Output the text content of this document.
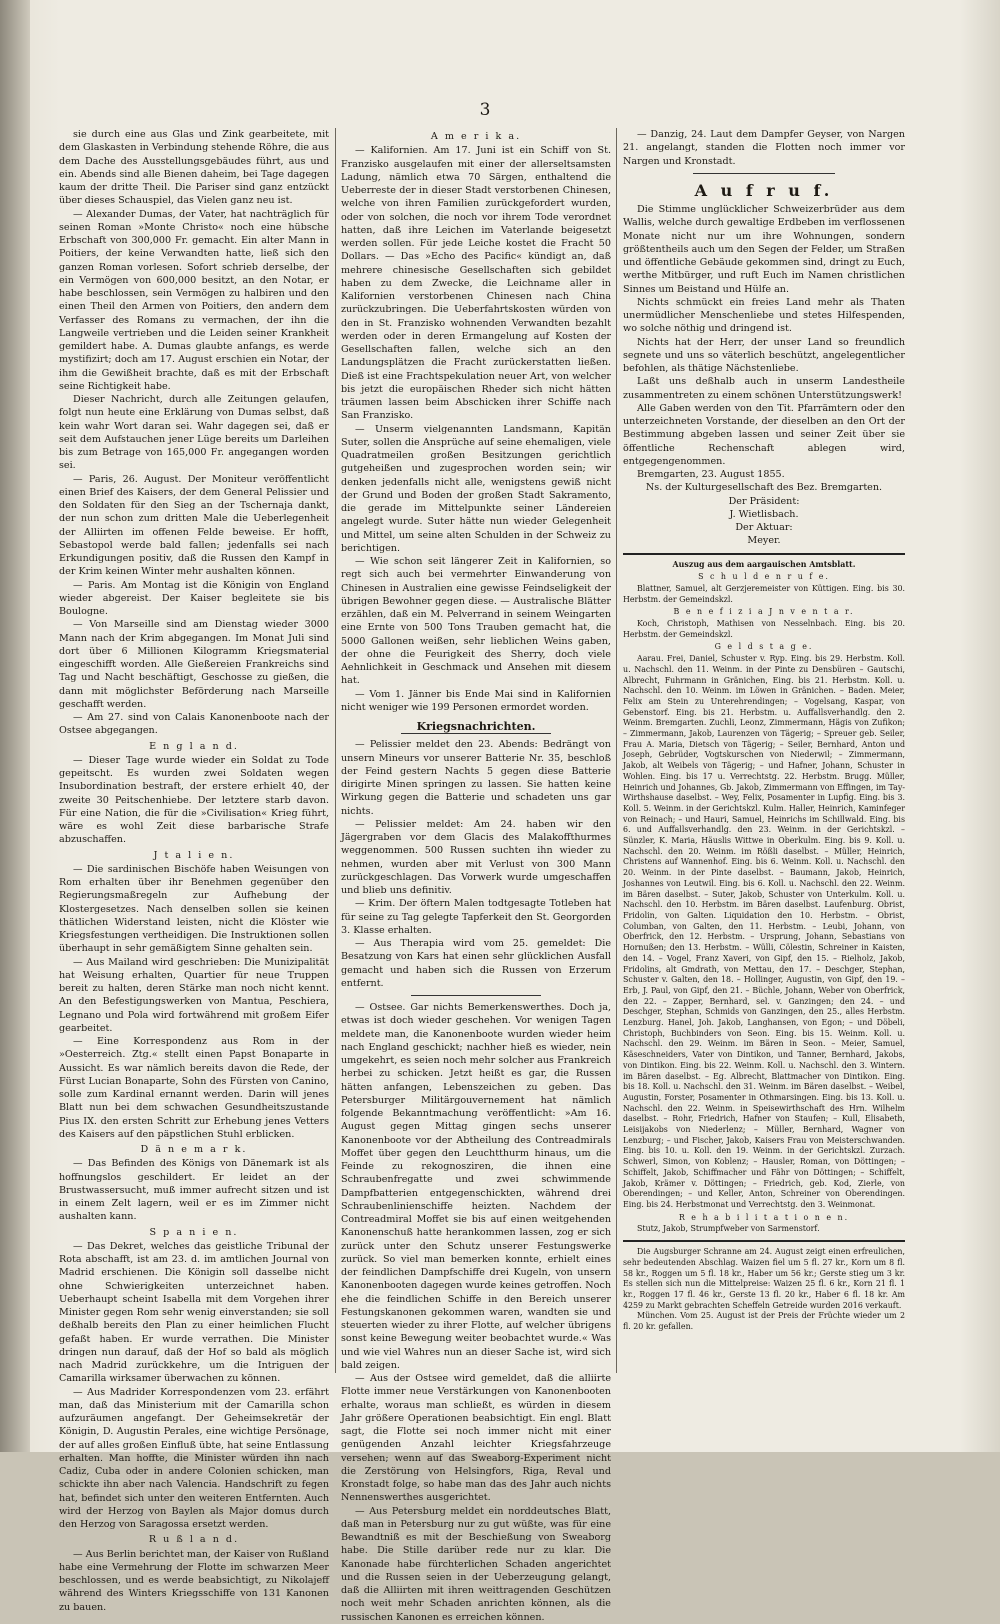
3

sie durch eine aus Glas und Zink gearbeitete, mit dem Glaskasten in Verbindung stehende Röhre, die aus dem Dache des Ausstellungsgebäudes führt, aus und ein. Abends sind alle Bienen daheim, bei Tage dagegen kaum der dritte Theil. Die Pariser sind ganz entzückt über dieses Schauspiel, das Vielen ganz neu ist.

— Alexander Dumas, der Vater, hat nachträglich für seinen Roman »Monte Christo« noch eine hübsche Erbschaft von 300,000 Fr. gemacht. Ein alter Mann in Poitiers, der keine Verwandten hatte, ließ sich den ganzen Roman vorlesen. Sofort schrieb derselbe, der ein Vermögen von 600,000 besitzt, an den Notar, er habe beschlossen, sein Vermögen zu halbiren und den einen Theil den Armen von Poitiers, den andern dem Verfasser des Romans zu vermachen, der ihn die Langweile vertrieben und die Leiden seiner Krankheit gemildert habe. A. Dumas glaubte anfangs, es werde mystifizirt; doch am 17. August erschien ein Notar, der ihm die Gewißheit brachte, daß es mit der Erbschaft seine Richtigkeit habe.

Dieser Nachricht, durch alle Zeitungen gelaufen, folgt nun heute eine Erklärung von Dumas selbst, daß kein wahr Wort daran sei. Wahr dagegen sei, daß er seit dem Aufstauchen jener Lüge bereits um Darleihen bis zum Betrage von 165,000 Fr. angegangen worden sei.

— Paris, 26. August. Der Moniteur veröffentlicht einen Brief des Kaisers, der dem General Pelissier und den Soldaten für den Sieg an der Tschernaja dankt, der nun schon zum dritten Male die Ueberlegenheit der Alliirten im offenen Felde beweise. Er hofft, Sebastopol werde bald fallen; jedenfalls sei nach Erkundigungen positiv, daß die Russen den Kampf in der Krim keinen Winter mehr aushalten können.

— Paris. Am Montag ist die Königin von England wieder abgereist. Der Kaiser begleitete sie bis Boulogne.

— Von Marseille sind am Dienstag wieder 3000 Mann nach der Krim abgegangen. Im Monat Juli sind dort über 6 Millionen Kilogramm Kriegsmaterial eingeschifft worden. Alle Gießereien Frankreichs sind Tag und Nacht beschäftigt, Geschosse zu gießen, die dann mit möglichster Beförderung nach Marseille geschafft werden.

— Am 27. sind von Calais Kanonenboote nach der Ostsee abgegangen.

E n g l a n d.

— Dieser Tage wurde wieder ein Soldat zu Tode gepeitscht. Es wurden zwei Soldaten wegen Insubordination bestraft, der erstere erhielt 40, der zweite 30 Peitschenhiebe. Der letztere starb davon. Für eine Nation, die für die »Civilisation« Krieg führt, wäre es wohl Zeit diese barbarische Strafe abzuschaffen.

J t a l i e n.

— Die sardinischen Bischöfe haben Weisungen von Rom erhalten über ihr Benehmen gegenüber den Regierungsmaßregeln zur Aufhebung der Klostergesetzes. Nach denselben sollen sie keinen thätlichen Widerstand leisten, nicht die Klöster wie Kriegsfestungen vertheidigen. Die Instruktionen sollen überhaupt in sehr gemäßigtem Sinne gehalten sein.

— Aus Mailand wird geschrieben: Die Munizipalität hat Weisung erhalten, Quartier für neue Truppen bereit zu halten, deren Stärke man noch nicht kennt. An den Befestigungswerken von Mantua, Peschiera, Legnano und Pola wird fortwährend mit großem Eifer gearbeitet.

— Eine Korrespondenz aus Rom in der »Oesterreich. Ztg.« stellt einen Papst Bonaparte in Aussicht. Es war nämlich bereits davon die Rede, der Fürst Lucian Bonaparte, Sohn des Fürsten von Canino, solle zum Kardinal ernannt werden. Darin will jenes Blatt nun bei dem schwachen Gesundheitszustande Pius IX. den ersten Schritt zur Erhebung jenes Vetters des Kaisers auf den päpstlichen Stuhl erblicken.

D ä n e m a r k.

— Das Befinden des Königs von Dänemark ist als hoffnungslos geschildert. Er leidet an der Brustwassersucht, muß immer aufrecht sitzen und ist in einem Zelt lagern, weil er es im Zimmer nicht aushalten kann.

S p a n i e n.

— Das Dekret, welches das geistliche Tribunal der Rota abschafft, ist am 23. d. im amtlichen Journal von Madrid erschienen. Die Königin soll dasselbe nicht ohne Schwierigkeiten unterzeichnet haben. Ueberhaupt scheint Isabella mit dem Vorgehen ihrer Minister gegen Rom sehr wenig einverstanden; sie soll deßhalb bereits den Plan zu einer heimlichen Flucht gefaßt haben. Er wurde verrathen. Die Minister dringen nun darauf, daß der Hof so bald als möglich nach Madrid zurückkehre, um die Intriguen der Camarilla wirksamer überwachen zu können.

— Aus Madrider Korrespondenzen vom 23. erfährt man, daß das Ministerium mit der Camarilla schon aufzuräumen angefangt. Der Geheimsekretär der Königin, D. Augustin Perales, eine wichtige Persönage, der auf alles großen Einfluß übte, hat seine Entlassung erhalten. Man hoffte, die Minister würden ihn nach Cadiz, Cuba oder in andere Colonien schicken, man schickte ihn aber nach Valencia. Handschrift zu fegen hat, befindet sich unter den weiteren Entfernten. Auch wird der Herzog von Baylen als Major domus durch den Herzog von Saragossa ersetzt werden.

R u ß l a n d.

— Aus Berlin berichtet man, der Kaiser von Rußland habe eine Vermehrung der Flotte im schwarzen Meer beschlossen, und es werde beabsichtigt, zu Nikolajeff während des Winters Kriegsschiffe von 131 Kanonen zu bauen.

A m e r i k a.

— Kalifornien. Am 17. Juni ist ein Schiff von St. Franzisko ausgelaufen mit einer der allerseltsamsten Ladung, nämlich etwa 70 Särgen, enthaltend die Ueberreste der in dieser Stadt verstorbenen Chinesen, welche von ihren Familien zurückgefordert wurden, oder von solchen, die noch vor ihrem Tode verordnet hatten, daß ihre Leichen im Vaterlande beigesetzt werden sollen. Für jede Leiche kostet die Fracht 50 Dollars. — Das »Echo des Pacific« kündigt an, daß mehrere chinesische Gesellschaften sich gebildet haben zu dem Zwecke, die Leichname aller in Kalifornien verstorbenen Chinesen nach China zurückzubringen. Die Ueberfahrtskosten würden von den in St. Franzisko wohnenden Verwandten bezahlt werden oder in deren Ermangelung auf Kosten der Gesellschaften fallen, welche sich an den Landungsplätzen die Fracht zurückerstatten ließen. Dieß ist eine Frachtspekulation neuer Art, von welcher bis jetzt die europäischen Rheder sich nicht hätten träumen lassen beim Abschicken ihrer Schiffe nach San Franzisko.

— Unserm vielgenannten Landsmann, Kapitän Suter, sollen die Ansprüche auf seine ehemaligen, viele Quadratmeilen großen Besitzungen gerichtlich gutgeheißen und zugesprochen worden sein; wir denken jedenfalls nicht alle, wenigstens gewiß nicht der Grund und Boden der großen Stadt Sakramento, die gerade im Mittelpunkte seiner Ländereien angelegt wurde. Suter hätte nun wieder Gelegenheit und Mittel, um seine alten Schulden in der Schweiz zu berichtigen.

— Wie schon seit längerer Zeit in Kalifornien, so regt sich auch bei vermehrter Einwanderung von Chinesen in Australien eine gewisse Feindseligkeit der übrigen Bewohner gegen diese. — Australische Blätter erzählen, daß ein M. Pelverrand in seinem Weingarten eine Ernte von 500 Tons Trauben gemacht hat, die 5000 Gallonen weißen, sehr lieblichen Weins gaben, der ohne die Feurigkeit des Sherry, doch viele Aehnlichkeit in Geschmack und Ansehen mit diesem hat.

— Vom 1. Jänner bis Ende Mai sind in Kalifornien nicht weniger wie 199 Personen ermordet worden.

Kriegsnachrichten.

— Pelissier meldet den 23. Abends: Bedrängt von unsern Mineurs vor unserer Batterie Nr. 35, beschloß der Feind gestern Nachts 5 gegen diese Batterie dirigirte Minen springen zu lassen. Sie hatten keine Wirkung gegen die Batterie und schadeten uns gar nichts.

— Pelissier meldet: Am 24. haben wir den Jägergraben vor dem Glacis des Malakoffthurmes weggenommen. 500 Russen suchten ihn wieder zu nehmen, wurden aber mit Verlust von 300 Mann zurückgeschlagen. Das Vorwerk wurde umgeschaffen und blieb uns definitiv.

— Krim. Der öftern Malen todtgesagte Totleben hat für seine zu Tag gelegte Tapferkeit den St. Georgorden 3. Klasse erhalten.

— Aus Therapia wird vom 25. gemeldet: Die Besatzung von Kars hat einen sehr glücklichen Ausfall gemacht und haben sich die Russen von Erzerum entfernt.

— Ostsee. Gar nichts Bemerkenswerthes. Doch ja, etwas ist doch wieder geschehen. Vor wenigen Tagen meldete man, die Kanonenboote wurden wieder heim nach England geschickt; nachher hieß es wieder, nein umgekehrt, es seien noch mehr solcher aus Frankreich herbei zu schicken. Jetzt heißt es gar, die Russen hätten anfangen, Lebenszeichen zu geben. Das Petersburger Militärgouvernement hat nämlich folgende Bekanntmachung veröffentlicht: »Am 16. August gegen Mittag gingen sechs unserer Kanonenboote vor der Abtheilung des Contreadmirals Moffet über gegen den Leuchtthurm hinaus, um die Feinde zu rekognosziren, die ihnen eine Schraubenfregatte und zwei schwimmende Dampfbatterien entgegenschickten, während drei Schraubenlinienschiffe heizten. Nachdem der Contreadmiral Moffet sie bis auf einen weitgehenden Kanonenschuß hatte herankommen lassen, zog er sich zurück unter den Schutz unserer Festungswerke zurück. So viel man bemerken konnte, erhielt eines der feindlichen Dampfschiffe drei Kugeln, von unsern Kanonenbooten dagegen wurde keines getroffen. Noch ehe die feindlichen Schiffe in den Bereich unserer Festungskanonen gekommen waren, wandten sie und steuerten wieder zu ihrer Flotte, auf welcher übrigens sonst keine Bewegung weiter beobachtet wurde.« Was und wie viel Wahres nun an dieser Sache ist, wird sich bald zeigen.

— Aus der Ostsee wird gemeldet, daß die alliirte Flotte immer neue Verstärkungen von Kanonenbooten erhalte, woraus man schließt, es würden in diesem Jahr größere Operationen beabsichtigt. Ein engl. Blatt sagt, die Flotte sei noch immer nicht mit einer genügenden Anzahl leichter Kriegsfahrzeuge versehen; wenn auf das Sweaborg-Experiment nicht die Zerstörung von Helsingfors, Riga, Reval und Kronstadt folge, so habe man das des Jahr auch nichts Nennenswerthes ausgerichtet.

— Aus Petersburg meldet ein norddeutsches Blatt, daß man in Petersburg nur zu gut wüßte, was für eine Bewandtniß es mit der Beschießung von Sweaborg habe. Die Stille darüber rede nur zu klar. Die Kanonade habe fürchterlichen Schaden angerichtet und die Russen seien in der Ueberzeugung gelangt, daß die Alliirten mit ihren weittragenden Geschützen noch weit mehr Schaden anrichten können, als die russischen Kanonen es erreichen können.

— Danzig, 24. Laut dem Dampfer Geyser, von Nargen 21. angelangt, standen die Flotten noch immer vor Nargen und Kronstadt.

A u f r u f.

Die Stimme unglücklicher Schweizerbrüder aus dem Wallis, welche durch gewaltige Erdbeben im verflossenen Monate nicht nur um ihre Wohnungen, sondern größtentheils auch um den Segen der Felder, um Straßen und öffentliche Gebäude gekommen sind, dringt zu Euch, werthe Mitbürger, und ruft Euch im Namen christlichen Sinnes um Beistand und Hülfe an.

Nichts schmückt ein freies Land mehr als Thaten unermüdlicher Menschenliebe und stetes Hilfespenden, wo solche nöthig und dringend ist.

Nichts hat der Herr, der unser Land so freundlich segnete und uns so väterlich beschützt, angelegentlicher befohlen, als thätige Nächstenliebe.

Laßt uns deßhalb auch in unserm Landestheile zusammentreten zu einem schönen Unterstützungswerk!

Alle Gaben werden von den Tit. Pfarrämtern oder den unterzeichneten Vorstande, der dieselben an den Ort der Bestimmung abgeben lassen und seiner Zeit über sie öffentliche Rechenschaft ablegen wird, entgegengenommen.

Bremgarten, 23. August 1855.

Ns. der Kulturgesellschaft des Bez. Bremgarten.

Der Präsident:

J. Wietlisbach.

Der Aktuar:

Meyer.

Auszug aus dem aargauischen Amtsblatt.

S c h u l d e n r u f e.

Blattner, Samuel, alt Gerzjeremeister von Küttigen. Eing. bis 30. Herbstm. der Gemeindskzl.

B e n e f i z i a J n v e n t a r.

Koch, Christoph, Mathisen von Nesselnbach. Eing. bis 20. Herbstm. der Gemeindskzl.

G e l d s t a g e.

Aarau. Frei, Daniel, Schuster v. Ryp. Eing. bis 29. Herbstm. Koll. u. Nachschl. den 11. Weinm. in der Pinte zu Densbüren – Gautschi, Albrecht, Fuhrmann in Gränichen, Eing. bis 21. Herbstm. Koll. u. Nachschl. den 10. Weinm. im Löwen in Gränichen. – Baden. Meier, Felix am Stein zu Unterehrendingen; – Vogelsang, Kaspar, von Gebenstorf. Eing. bis 21. Herbstm. u. Auffallsverhandlg. den 2. Weinm. Bremgarten. Zuchli, Leonz, Zimmermann, Hägis von Zufikon; – Zimmermann, Jakob, Laurenzen von Tägerig; – Spreuer geb. Seiler, Frau A. Maria, Dietsch von Tägerig; – Seiler, Bernhard, Anton und Joseph, Gebrüder, Vogtskurschen von Niederwil; – Zimmermann, Jakob, alt Weibels von Tägerig; – und Hafner, Johann, Schuster in Wohlen. Eing. bis 17 u. Verrechtstg. 22. Herbstm. Brugg. Müller, Heinrich und Johannes, Gb. Jakob, Zimmermann von Effingen, im Tay-Wirthshause daselbst. – Wey, Felix, Posamenter in Lupfig. Eing. bis 3. Koll. 5. Weinm. in der Gerichtskzl. Kulm. Haller, Heinrich, Kaminfeger von Reinach; – und Hauri, Samuel, Heinrichs im Schillwald. Eing. bis 6. und Auffallsverhandlg. den 23. Weinm. in der Gerichtskzl. – Sünzler, K. Maria, Häuslis Wittwe in Oberkulm. Eing. bis 9. Koll. u. Nachschl. den 20. Weinm. im Rößli daselbst. – Müller, Heinrich, Christens auf Wannenhof. Eing. bis 6. Weinm. Koll. u. Nachschl. den 20. Weinm. in der Pinte daselbst. – Baumann, Jakob, Heinrich, Joshannes von Leutwil. Eing. bis 6. Koll. u. Nachschl. den 22. Weinm. im Bären daselbst. – Suter, Jakob, Schuster von Unterkulm. Koll. u. Nachschl. den 10. Herbstm. im Bären daselbst. Laufenburg. Obrist, Fridolin, von Galten. Liquidation den 10. Herbstm. – Obrist, Columban, von Galten, den 11. Herbstm. – Leubi, Johann, von Oberfrick, den 12. Herbstm. – Ursprung, Johann, Sebastians von Hornußen; den 13. Herbstm. – Wülli, Cölestin, Schreiner in Kaisten, den 14. – Vogel, Franz Xaveri, von Gipf, den 15. – Rielholz, Jakob, Fridolins, alt Gmdrath, von Mettau, den 17. – Deschger, Stephan, Schuster v. Galten, den 18. – Hollinger, Augustin, von Gipf, den 19. – Erb, J. Paul, von Gipf, den 21. – Büchle, Johann, Weber von Oberfrick, den 22. – Zapper, Bernhard, sel. v. Ganzingen; den 24. – und Deschger, Stephan, Schmids von Ganzingen, den 25., alles Herbstm. Lenzburg. Hanel, Joh. Jakob, Langhansen, von Egon; – und Döbeli, Christoph, Buchbinders von Seon. Eing. bis 15. Weinm. Koll. u. Nachschl. den 29. Weinm. im Bären in Seon. – Meier, Samuel, Käseschneiders, Vater von Dintikon, und Tanner, Bernhard, Jakobs, von Dintikon. Eing. bis 22. Weinm. Koll. u. Nachschl. den 3. Wintern. im Bären daselbst. – Eg. Albrecht, Blattmacher von Dintikon. Eing. bis 18. Koll. u. Nachschl. den 31. Weinm. im Bären daselbst. – Weibel, Augustin, Forster, Posamenter in Othmarsingen. Eing. bis 13. Koll. u. Nachschl. den 22. Weinm. in Speisewirthschaft des Hrn. Wilhelm daselbst. – Rohr, Friedrich, Hafner von Staufen; – Kull, Elisabeth, Leisijakobs von Niederlenz; – Müller, Bernhard, Wagner von Lenzburg; – und Fischer, Jakob, Kaisers Frau von Meisterschwanden. Eing. bis 10. u. Koll. den 19. Weinm. in der Gerichtskzl. Zurzach. Schwerl, Simon, von Koblenz; – Hausler, Roman, von Döttingen; – Schiffelt, Jakob, Schiffmacher und Fähr von Döttingen; – Schiffelt, Jakob, Krämer v. Döttingen; – Friedrich, geb. Kod, Zierle, von Oberendingen; – und Keller, Anton, Schreiner von Oberendingen. Eing. bis 24. Herbstmonat und Verrechtstg. den 3. Weinmonat.

R e h a b i l i t a t i o n e n.

Stutz, Jakob, Strumpfweber von Sarmenstorf.

Die Augsburger Schranne am 24. August zeigt einen erfreulichen, sehr bedeutenden Abschlag. Waizen fiel um 5 fl. 27 kr., Korn um 8 fl. 58 kr., Roggen um 5 fl. 18 kr., Haber um 56 kr.; Gerste stieg um 3 kr. Es stellen sich nun die Mittelpreise: Waizen 25 fl. 6 kr., Korn 21 fl. 1 kr., Roggen 17 fl. 46 kr., Gerste 13 fl. 20 kr., Haber 6 fl. 18 kr. Am 4259 zu Markt gebrachten Scheffeln Getreide wurden 2016 verkauft.

München. Vom 25. August ist der Preis der Früchte wieder um 2 fl. 20 kr. gefallen.
